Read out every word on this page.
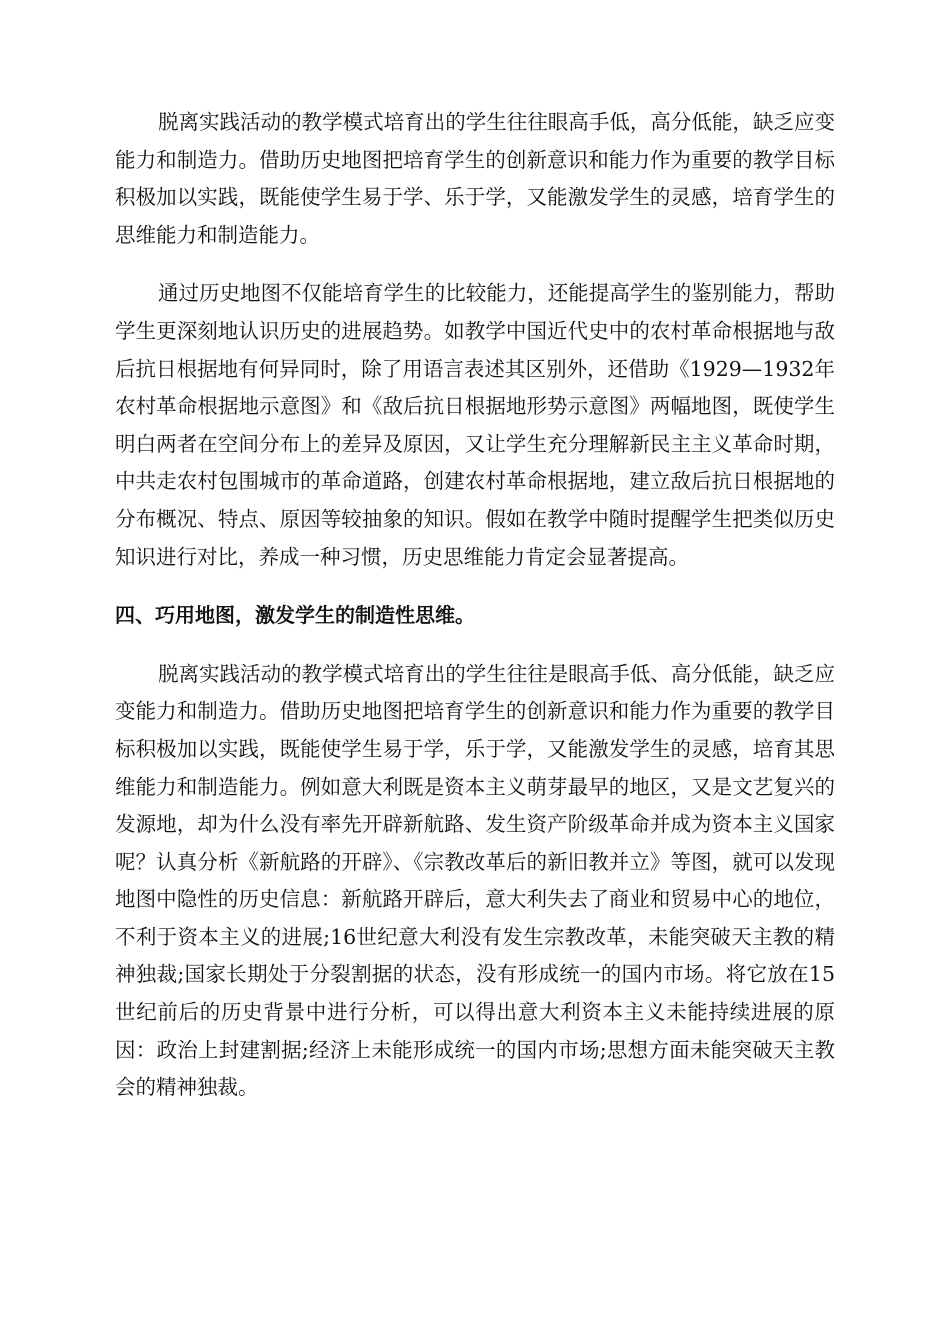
脱离实践活动的教学模式培育出的学生往往眼高手低，高分低能，缺乏应变能力和制造力。借助历史地图把培育学生的创新意识和能力作为重要的教学目标积极加以实践，既能使学生易于学、乐于学，又能激发学生的灵感，培育学生的思维能力和制造能力。

通过历史地图不仅能培育学生的比较能力，还能提高学生的鉴别能力，帮助学生更深刻地认识历史的进展趋势。如教学中国近代史中的农村革命根据地与敌后抗日根据地有何异同时，除了用语言表述其区别外，还借助《1929—1932年农村革命根据地示意图》和《敌后抗日根据地形势示意图》两幅地图，既使学生明白两者在空间分布上的差异及原因，又让学生充分理解新民主主义革命时期，中共走农村包围城市的革命道路，创建农村革命根据地，建立敌后抗日根据地的分布概况、特点、原因等较抽象的知识。假如在教学中随时提醒学生把类似历史知识进行对比，养成一种习惯，历史思维能力肯定会显著提高。

四、巧用地图，激发学生的制造性思维。

脱离实践活动的教学模式培育出的学生往往是眼高手低、高分低能，缺乏应变能力和制造力。借助历史地图把培育学生的创新意识和能力作为重要的教学目标积极加以实践，既能使学生易于学，乐于学，又能激发学生的灵感，培育其思维能力和制造能力。例如意大利既是资本主义萌芽最早的地区，又是文艺复兴的发源地，却为什么没有率先开辟新航路、发生资产阶级革命并成为资本主义国家呢？认真分析《新航路的开辟》、《宗教改革后的新旧教并立》等图，就可以发现地图中隐性的历史信息：新航路开辟后，意大利失去了商业和贸易中心的地位，不利于资本主义的进展;16世纪意大利没有发生宗教改革，未能突破天主教的精神独裁;国家长期处于分裂割据的状态，没有形成统一的国内市场。将它放在15世纪前后的历史背景中进行分析，可以得出意大利资本主义未能持续进展的原因：政治上封建割据;经济上未能形成统一的国内市场;思想方面未能突破天主教会的精神独裁。
